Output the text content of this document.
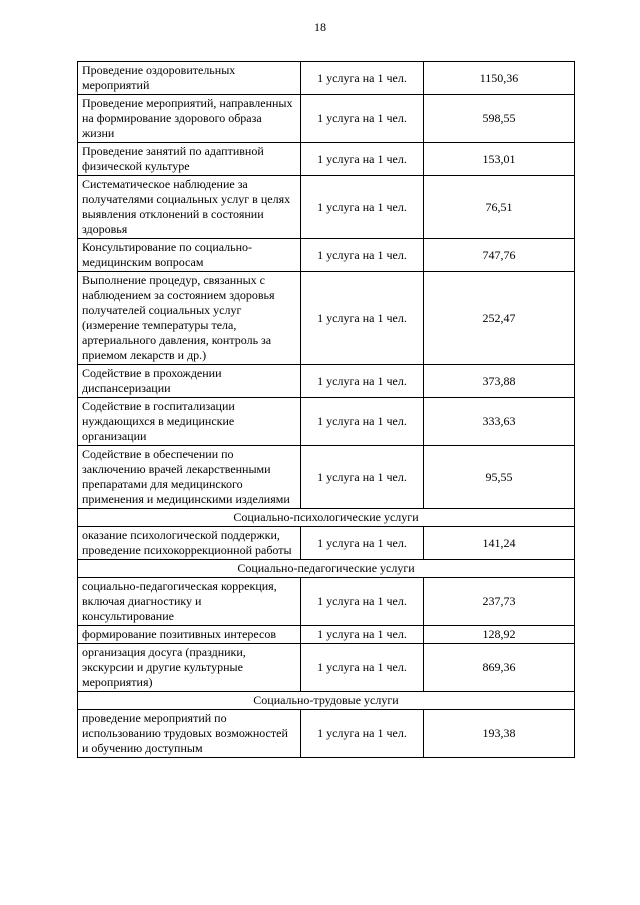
18
Проведение оздоровительных мероприятий	1 услуга на 1 чел.	1150,36
Проведение мероприятий, направленных на формирование здорового образа жизни	1 услуга на 1 чел.	598,55
Проведение занятий по адаптивной физической культуре	1 услуга на 1 чел.	153,01
Систематическое наблюдение за получателями социальных услуг в целях выявления отклонений в состоянии здоровья	1 услуга на 1 чел.	76,51
Консультирование по социально-медицинским вопросам	1 услуга на 1 чел.	747,76
Выполнение процедур, связанных с наблюдением за состоянием здоровья получателей социальных услуг (измерение температуры тела, артериального давления, контроль за приемом лекарств и др.)	1 услуга на 1 чел.	252,47
Содействие в прохождении диспансеризации	1 услуга на 1 чел.	373,88
Содействие в госпитализации нуждающихся в медицинские организации	1 услуга на 1 чел.	333,63
Содействие в обеспечении по заключению врачей лекарственными препаратами для медицинского применения и медицинскими изделиями	1 услуга на 1 чел.	95,55
Социально-психологические услуги		
оказание психологической поддержки, проведение психокоррекционной работы	1 услуга на 1 чел.	141,24
Социально-педагогические услуги		
социально-педагогическая коррекция, включая диагностику и консультирование	1 услуга на 1 чел.	237,73
формирование позитивных интересов	1 услуга на 1 чел.	128,92
организация досуга (праздники, экскурсии и другие культурные мероприятия)	1 услуга на 1 чел.	869,36
Социально-трудовые услуги		
проведение мероприятий по использованию трудовых возможностей и обучению доступным	1 услуга на 1 чел.	193,38
